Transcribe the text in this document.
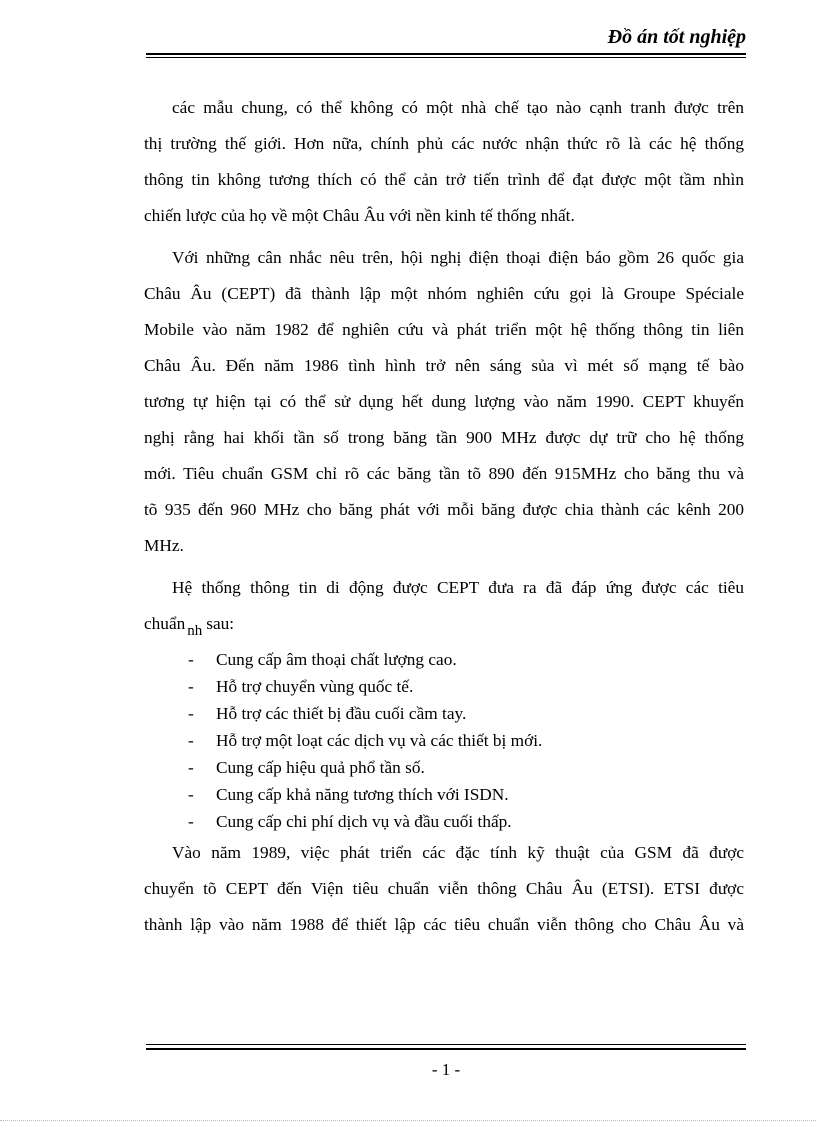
Đồ án tốt nghiệp
các mẫu chung, có thể không có một nhà chế tạo nào cạnh tranh được trên
thị trường thế giới. Hơn nữa, chính phủ các nước nhận thức rõ là các hệ thống
thông tin không tương thích có thể cản trở tiến trình để đạt được một tầm nhìn
chiến lược của họ về một Châu Âu với nền kinh tế thống nhất.
Với những cân nhắc nêu trên, hội nghị điện thoại điện báo gồm 26 quốc gia
Châu Âu (CEPT) đã thành lập một nhóm nghiên cứu gọi là Groupe Spéciale
Mobile vào năm 1982 để nghiên cứu và phát triển một hệ thống thông tin liên
Châu Âu. Đến năm 1986 tình hình trở nên sáng sủa vì mét số mạng tế bào
tương tự hiện tại có thể sử dụng hết dung lượng vào năm 1990. CEPT khuyến
nghị rằng hai khối tần số trong băng tần 900 MHz được dự trữ cho hệ thống
mới. Tiêu chuẩn GSM chỉ rõ các băng tần tõ 890 đến 915MHz cho băng thu và
tõ 935 đến 960 MHz cho băng phát với mỗi băng được chia thành các kênh 200
MHz.
Hệ thống thông tin di động được CEPT đưa ra đã đáp ứng được các tiêu
chuẩn nh sau:
- Cung cấp âm thoại chất lượng cao.
- Hỗ trợ chuyển vùng quốc tế.
- Hỗ trợ các thiết bị đầu cuối cầm tay.
- Hỗ trợ một loạt các dịch vụ và các thiết bị mới.
- Cung cấp hiệu quả phổ tần số.
- Cung cấp khả năng tương thích với ISDN.
- Cung cấp chi phí dịch vụ và đầu cuối thấp.
Vào năm 1989, việc phát triển các đặc tính kỹ thuật của GSM đã được
chuyển tõ CEPT đến Viện tiêu chuẩn viễn thông Châu Âu (ETSI). ETSI được
thành lập vào năm 1988 để thiết lập các tiêu chuẩn viễn thông cho Châu Âu và
- 1 -
